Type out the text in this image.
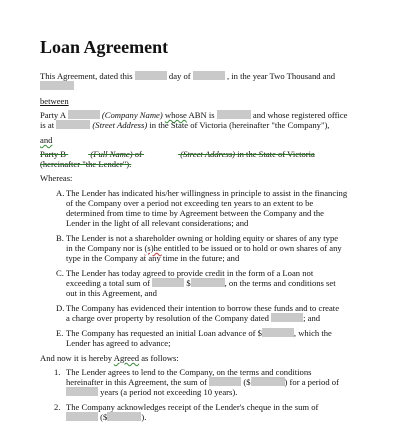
Loan Agreement
This Agreement, dated this	day of	, in the year Two Thousand and
between
Party A	(Company Name) whose ABN is	and whose registered office
is at	(Street Address) in the State of Victoria (hereinafter "the Company"),
and
Party B	(Full Name) of	(Street Address) in the State of Victoria
(hereinafter "the Lender").
Whereas:
A. The Lender has indicated his/her willingness in principle to assist in the financing
of the Company over a period not exceeding ten years to an extent to be
determined from time to time by Agreement between the Company and the
Lender in the light of all relevant considerations; and
B. The Lender is not a shareholder owning or holding equity or shares of any type
in the Company nor is (s)he entitled to be issued or to hold or own shares of any
type in the Company at any time in the future; and
C. The Lender has today agreed to provide credit in the form of a Loan not
exceeding a total sum of	$	, on the terms and conditions set
out in this Agreement, and
D. The Company has evidenced their intention to borrow these funds and to create
a charge over property by resolution of the Company dated	; and
E. The Company has requested an initial Loan advance of $	, which the
Lender has agreed to advance;
And now it is hereby Agreed as follows:
1. The Lender agrees to lend to the Company, on the terms and conditions
hereinafter in this Agreement, the sum of	($	) for a period of
years (a period not exceeding 10 years).
2. The Company acknowledges receipt of the Lender's cheque in the sum of
($	).
